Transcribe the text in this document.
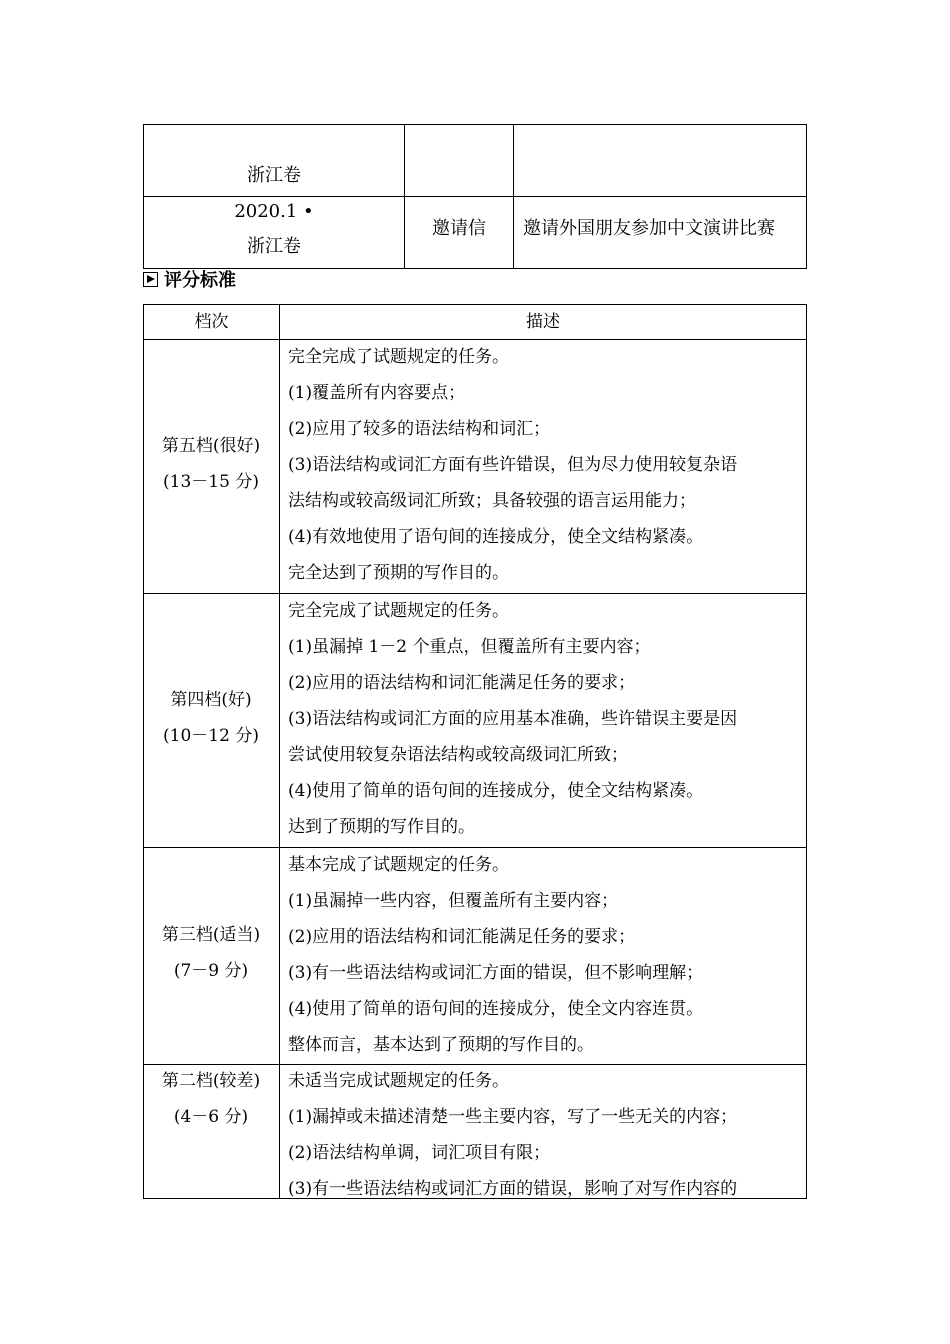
浙江卷
2020.1 •
浙江卷
邀请信	邀请外国朋友参加中文演讲比赛
评分标准
档次	描述
第五档(很好)
(13－15 分)
完全完成了试题规定的任务。
(1)覆盖所有内容要点；
(2)应用了较多的语法结构和词汇；
(3)语法结构或词汇方面有些许错误，但为尽力使用较复杂语
法结构或较高级词汇所致；具备较强的语言运用能力；
(4)有效地使用了语句间的连接成分，使全文结构紧凑。
完全达到了预期的写作目的。
第四档(好)
(10－12 分)
完全完成了试题规定的任务。
(1)虽漏掉 1－2 个重点，但覆盖所有主要内容；
(2)应用的语法结构和词汇能满足任务的要求；
(3)语法结构或词汇方面的应用基本准确，些许错误主要是因
尝试使用较复杂语法结构或较高级词汇所致；
(4)使用了简单的语句间的连接成分，使全文结构紧凑。
达到了预期的写作目的。
第三档(适当)
(7－9 分)
基本完成了试题规定的任务。
(1)虽漏掉一些内容，但覆盖所有主要内容；
(2)应用的语法结构和词汇能满足任务的要求；
(3)有一些语法结构或词汇方面的错误，但不影响理解；
(4)使用了简单的语句间的连接成分，使全文内容连贯。
整体而言，基本达到了预期的写作目的。
第二档(较差)
(4－6 分)
未适当完成试题规定的任务。
(1)漏掉或未描述清楚一些主要内容，写了一些无关的内容；
(2)语法结构单调，词汇项目有限；
(3)有一些语法结构或词汇方面的错误，影响了对写作内容的
